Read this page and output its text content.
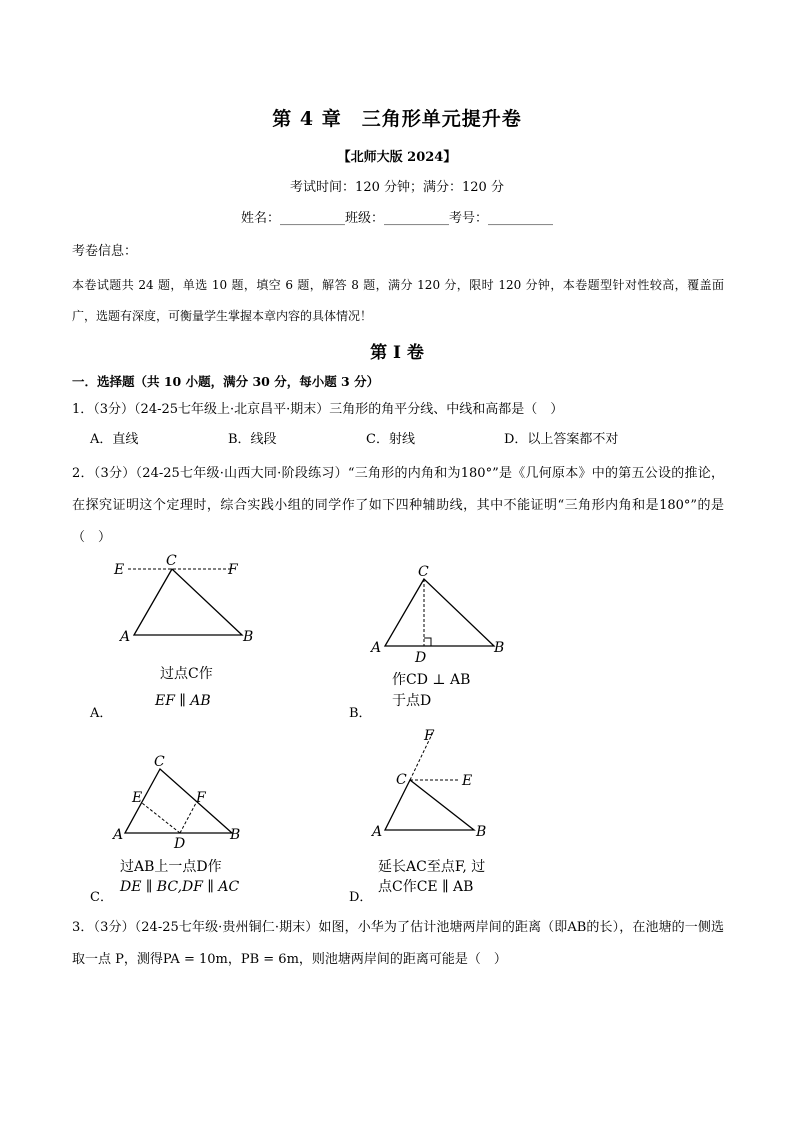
第 4 章　三角形单元提升卷
【北师大版 2024】
考试时间：120 分钟；满分：120 分
姓名：__________班级：__________考号：__________
考卷信息：
本卷试题共 24 题，单选 10 题，填空 6 题，解答 8 题，满分 120 分，限时 120 分钟，本卷题型针对性较高，覆盖面广，选题有深度，可衡量学生掌握本章内容的具体情况！
第 I 卷
一．选择题（共 10 小题，满分 30 分，每小题 3 分）
1．（3分）（24-25七年级上·北京昌平·期末）三角形的角平分线、中线和高都是（　）
A．直线	B．线段	C．射线	D．以上答案都不对
2．（3分）（24-25七年级·山西大同·阶段练习）“三角形的内角和为180°”是《几何原本》中的第五公设的推论，在探究证明这个定理时，综合实践小组的同学作了如下四种辅助线，其中不能证明“三角形内角和是180°”的是（　）
E
C
F
A	B
过点C作
EF ∥ AB
A．
C
A
D
B
作CD ⊥ AB
于点D
B．
C
E	F
A
D
B
过AB上一点D作
DE ∥ BC,DF ∥ AC
C．
F
C	E
A	B
延长AC至点F, 过
点C作CE ∥ AB
D．
3．（3分）（24-25七年级·贵州铜仁·期末）如图，小华为了估计池塘两岸间的距离（即AB的长），在池塘的一侧选取一点 P，测得PA = 10m，PB = 6m，则池塘两岸间的距离可能是（　）
